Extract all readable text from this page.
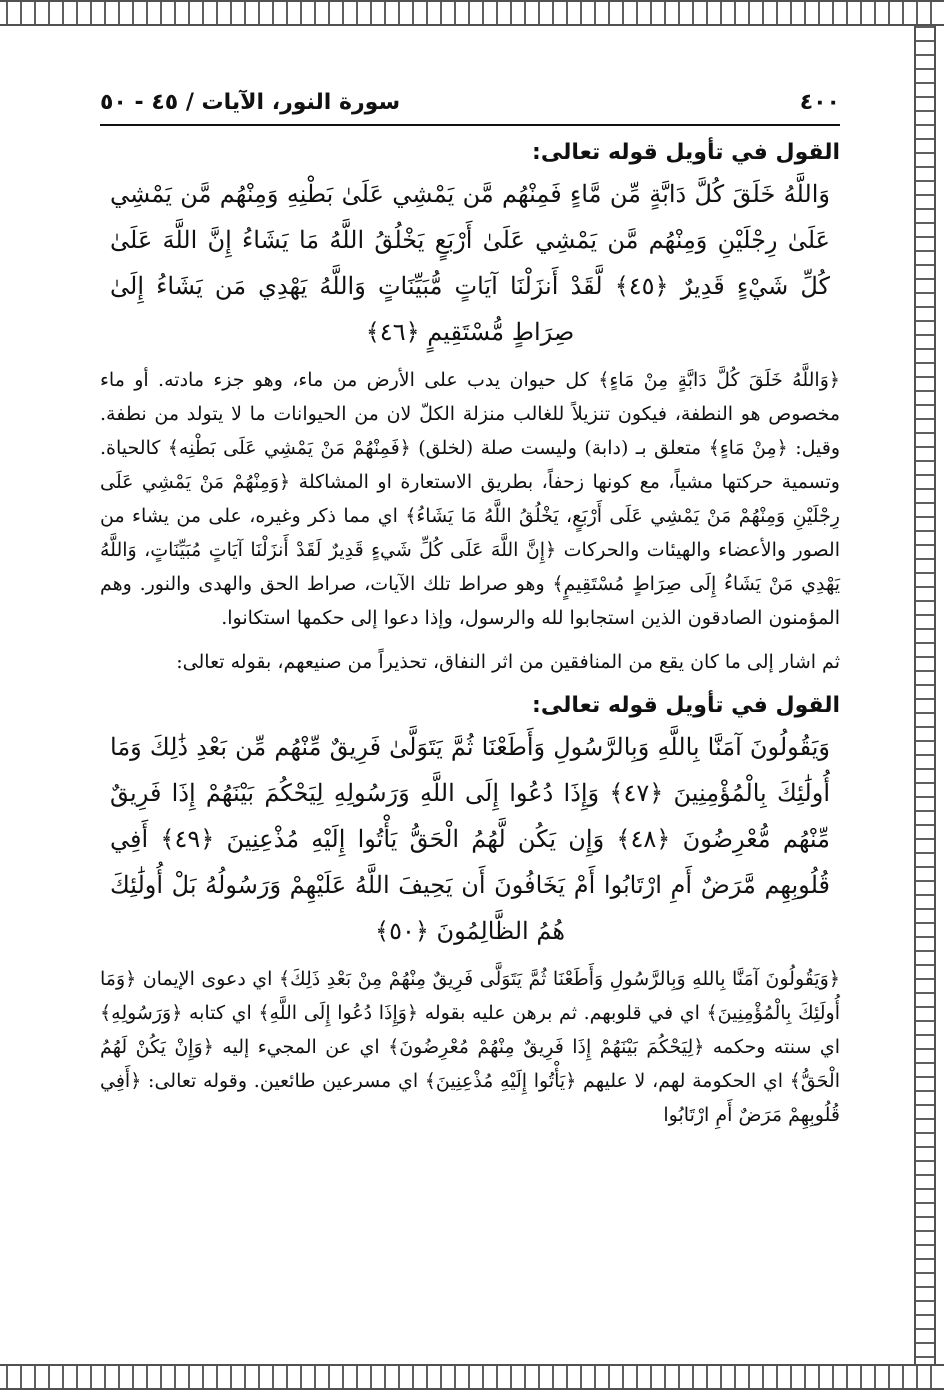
٤٠٠
سورة النور، الآيات / ٤٥ - ٥٠
القول في تأويل قوله تعالى:
وَاللَّهُ خَلَقَ كُلَّ دَابَّةٍ مِّن مَّاءٍ فَمِنْهُم مَّن يَمْشِي عَلَىٰ بَطْنِهِ وَمِنْهُم مَّن يَمْشِي عَلَىٰ رِجْلَيْنِ وَمِنْهُم مَّن يَمْشِي عَلَىٰ أَرْبَعٍ يَخْلُقُ اللَّهُ مَا يَشَاءُ إِنَّ اللَّهَ عَلَىٰ كُلِّ شَيْءٍ قَدِيرٌ ﴿٤٥﴾ لَّقَدْ أَنزَلْنَا آيَاتٍ مُّبَيِّنَاتٍ وَاللَّهُ يَهْدِي مَن يَشَاءُ إِلَىٰ صِرَاطٍ مُّسْتَقِيمٍ ﴿٤٦﴾

﴿وَاللَّهُ خَلَقَ كُلَّ دَابَّةٍ مِنْ مَاءٍ﴾ كل حيوان يدب على الأرض من ماء، وهو جزء مادته. أو ماء مخصوص هو النطفة، فيكون تنزيلاً للغالب منزلة الكلّ لان من الحيوانات ما لا يتولد من نطفة. وقيل: ﴿مِنْ مَاءٍ﴾ متعلق بـ (دابة) وليست صلة (لخلق) ﴿فَمِنْهُمْ مَنْ يَمْشِي عَلَى بَطْنِه﴾ كالحياة. وتسمية حركتها مشياً، مع كونها زحفاً، بطريق الاستعارة او المشاكلة ﴿وَمِنْهُمْ مَنْ يَمْشِي عَلَى رِجْلَيْنِ وَمِنْهُمْ مَنْ يَمْشِي عَلَى أَرْبَعٍ، يَخْلُقُ اللَّهُ مَا يَشَاءُ﴾ اي مما ذكر وغيره، على من يشاء من الصور والأعضاء والهيئات والحركات ﴿إِنَّ اللَّهَ عَلَى كُلِّ شَيءٍ قَدِيرٌ لَقَدْ أَنزَلْنَا آيَاتٍ مُبَيِّنَاتٍ، وَاللَّهُ يَهْدِي مَنْ يَشَاءُ إِلَى صِرَاطٍ مُسْتَقِيمٍ﴾ وهو صراط تلك الآيات، صراط الحق والهدى والنور. وهم المؤمنون الصادقون الذين استجابوا لله والرسول، وإذا دعوا إلى حكمها استكانوا.

ثم اشار إلى ما كان يقع من المنافقين من اثر النفاق، تحذيراً من صنيعهم، بقوله تعالى:

القول في تأويل قوله تعالى:
وَيَقُولُونَ آمَنَّا بِاللَّهِ وَبِالرَّسُولِ وَأَطَعْنَا ثُمَّ يَتَوَلَّىٰ فَرِيقٌ مِّنْهُم مِّن بَعْدِ ذَٰلِكَ وَمَا أُولَٰئِكَ بِالْمُؤْمِنِينَ ﴿٤٧﴾ وَإِذَا دُعُوا إِلَى اللَّهِ وَرَسُولِهِ لِيَحْكُمَ بَيْنَهُمْ إِذَا فَرِيقٌ مِّنْهُم مُّعْرِضُونَ ﴿٤٨﴾ وَإِن يَكُن لَّهُمُ الْحَقُّ يَأْتُوا إِلَيْهِ مُذْعِنِينَ ﴿٤٩﴾ أَفِي قُلُوبِهِم مَّرَضٌ أَمِ ارْتَابُوا أَمْ يَخَافُونَ أَن يَحِيفَ اللَّهُ عَلَيْهِمْ وَرَسُولُهُ بَلْ أُولَٰئِكَ هُمُ الظَّالِمُونَ ﴿٥٠﴾

﴿وَيَقُولُونَ آمَنَّا بِاللهِ وَبِالرَّسُولِ وَأَطَعْنَا ثُمَّ يَتَوَلَّى فَرِيقٌ مِنْهُمْ مِنْ بَعْدِ ذَلِكَ﴾ اي دعوى الإيمان ﴿وَمَا أُولَئِكَ بِالْمُؤْمِنِينَ﴾ اي في قلوبهم. ثم برهن عليه بقوله ﴿وَإِذَا دُعُوا إِلَى اللَّهِ﴾ اي كتابه ﴿وَرَسُولِهِ﴾ اي سنته وحكمه ﴿لِيَحْكُمَ بَيْنَهُمْ إِذَا فَرِيقٌ مِنْهُمْ مُعْرِضُونَ﴾ اي عن المجيء إليه ﴿وَإِنْ يَكُنْ لَهُمُ الْحَقُّ﴾ اي الحكومة لهم، لا عليهم ﴿يَأْتُوا إِلَيْهِ مُذْعِنِينَ﴾ اي مسرعين طائعين. وقوله تعالى: ﴿أَفِي قُلُوبِهِمْ مَرَضٌ أَمِ ارْتَابُوا
